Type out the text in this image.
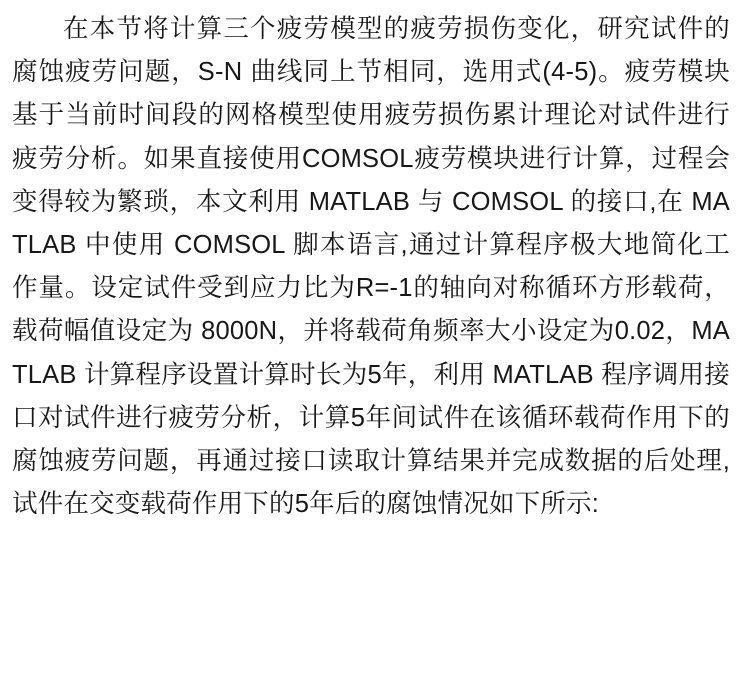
在本节将计算三个疲劳模型的疲劳损伤变化，研究试件的腐蚀疲劳问题，S-N 曲线同上节相同，选用式(4-5)。疲劳模块基于当前时间段的网格模型使用疲劳损伤累计理论对试件进行疲劳分析。如果直接使用COMSOL疲劳模块进行计算，过程会变得较为繁琐，本文利用 MATLAB 与 COMSOL 的接口,在 MATLAB 中使用 COMSOL 脚本语言,通过计算程序极大地简化工作量。设定试件受到应力比为R=-1的轴向对称循环方形载荷，载荷幅值设定为 8000N，并将载荷角频率大小设定为0.02，MATLAB 计算程序设置计算时长为5年，利用 MATLAB 程序调用接口对试件进行疲劳分析，计算5年间试件在该循环载荷作用下的腐蚀疲劳问题，再通过接口读取计算结果并完成数据的后处理,试件在交变载荷作用下的5年后的腐蚀情况如下所示:
